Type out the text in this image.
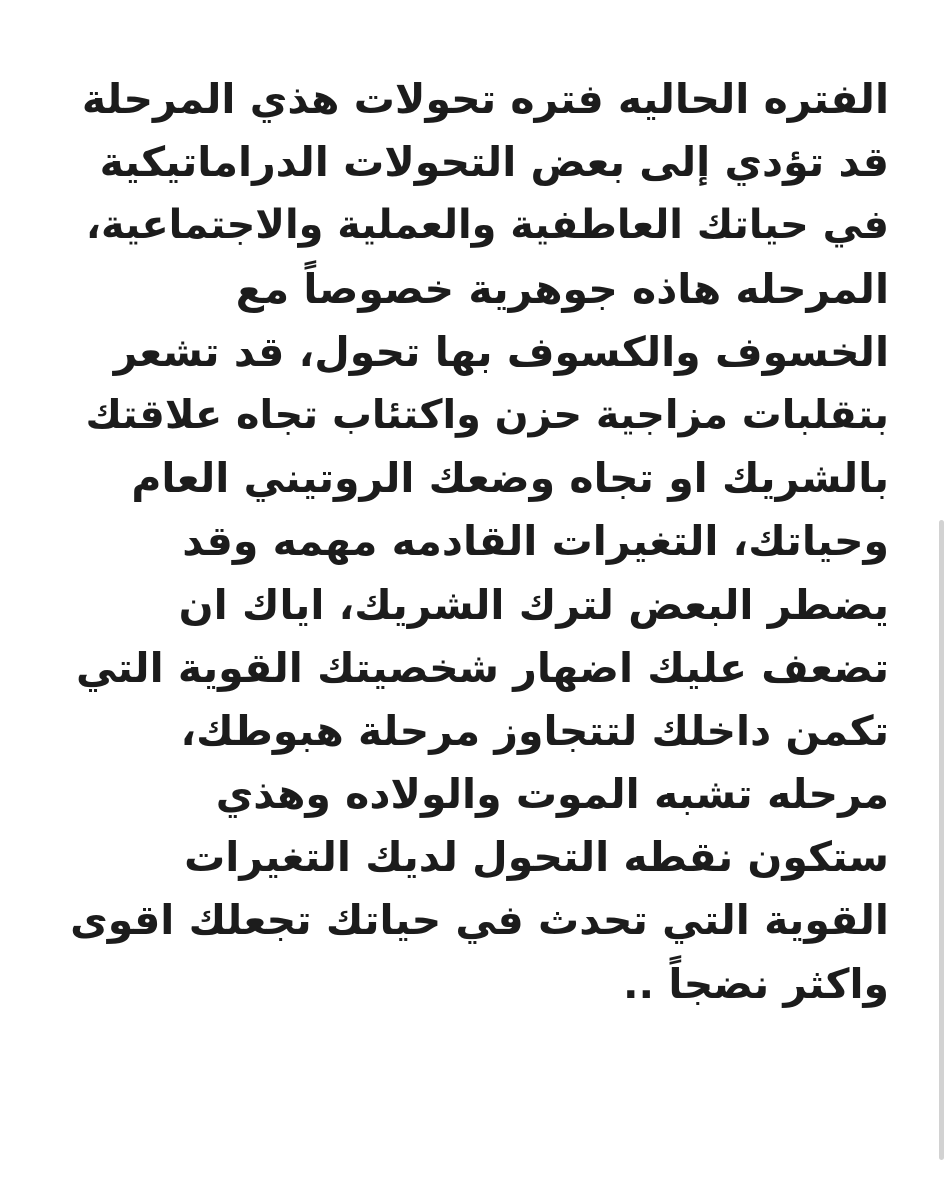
الفتره الحاليه فتره تحولات هذي المرحلة
قد تؤدي إلى بعض التحولات الدراماتيكية
في حياتك العاطفية والعملية والاجتماعية،
المرحله هاذه جوهرية خصوصاً مع
الخسوف والكسوف بها تحول، قد تشعر
بتقلبات مزاجية حزن واكتئاب تجاه علاقتك
بالشريك او تجاه وضعك الروتيني العام
وحياتك، التغيرات القادمه مهمه وقد
يضطر البعض لترك الشريك، اياك ان
تضعف عليك اضهار شخصيتك القوية التي
تكمن داخلك لتتجاوز مرحلة هبوطك،
مرحله تشبه الموت والولاده وهذي
ستكون نقطه التحول لديك التغيرات
القوية التي تحدث في حياتك تجعلك اقوى
واكثر نضجاً ..
